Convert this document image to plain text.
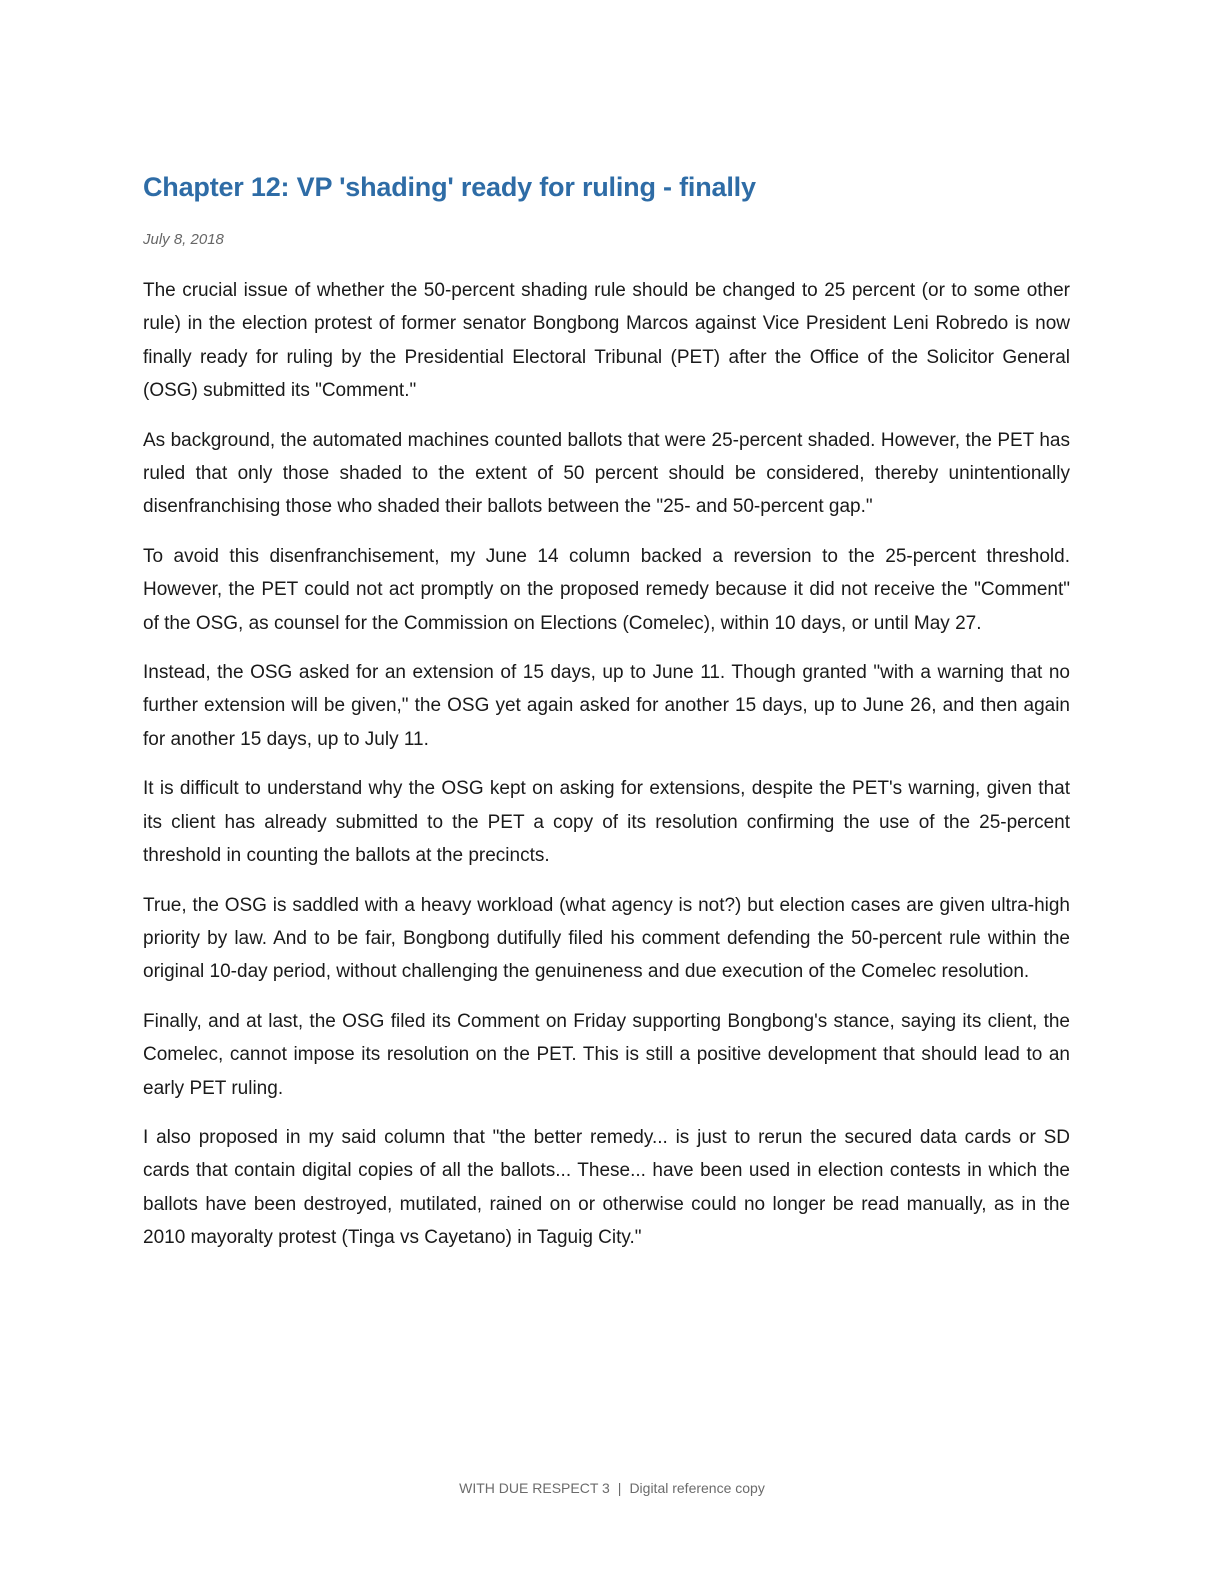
Chapter 12: VP 'shading' ready for ruling - finally
July 8, 2018

The crucial issue of whether the 50-percent shading rule should be changed to 25 percent (or to some other rule) in the election protest of former senator Bongbong Marcos against Vice President Leni Robredo is now finally ready for ruling by the Presidential Electoral Tribunal (PET) after the Office of the Solicitor General (OSG) submitted its "Comment."

As background, the automated machines counted ballots that were 25-percent shaded. However, the PET has ruled that only those shaded to the extent of 50 percent should be considered, thereby unintentionally disenfranchising those who shaded their ballots between the "25- and 50-percent gap."

To avoid this disenfranchisement, my June 14 column backed a reversion to the 25-percent threshold. However, the PET could not act promptly on the proposed remedy because it did not receive the "Comment" of the OSG, as counsel for the Commission on Elections (Comelec), within 10 days, or until May 27.

Instead, the OSG asked for an extension of 15 days, up to June 11. Though granted "with a warning that no further extension will be given," the OSG yet again asked for another 15 days, up to June 26, and then again for another 15 days, up to July 11.

It is difficult to understand why the OSG kept on asking for extensions, despite the PET's warning, given that its client has already submitted to the PET a copy of its resolution confirming the use of the 25-percent threshold in counting the ballots at the precincts.

True, the OSG is saddled with a heavy workload (what agency is not?) but election cases are given ultra-high priority by law. And to be fair, Bongbong dutifully filed his comment defending the 50-percent rule within the original 10-day period, without challenging the genuineness and due execution of the Comelec resolution.

Finally, and at last, the OSG filed its Comment on Friday supporting Bongbong's stance, saying its client, the Comelec, cannot impose its resolution on the PET. This is still a positive development that should lead to an early PET ruling.

I also proposed in my said column that "the better remedy... is just to rerun the secured data cards or SD cards that contain digital copies of all the ballots... These... have been used in election contests in which the ballots have been destroyed, mutilated, rained on or otherwise could no longer be read manually, as in the 2010 mayoralty protest (Tinga vs Cayetano) in Taguig City."

WITH DUE RESPECT 3 | Digital reference copy
